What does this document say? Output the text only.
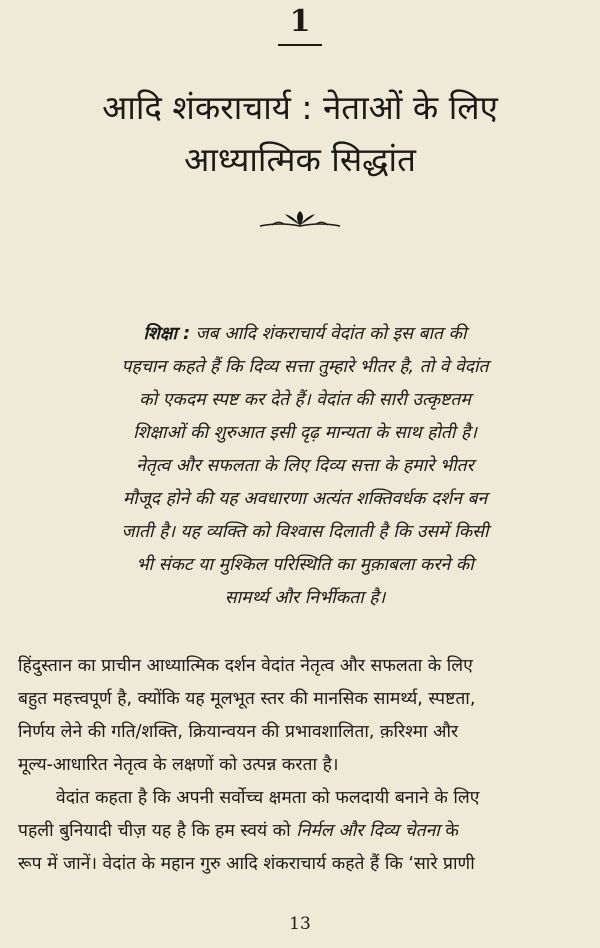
1
आदि शंकराचार्य : नेताओं के लिए
आध्यात्मिक सिद्धांत
शिक्षा : जब आदि शंकराचार्य वेदांत को इस बात की
पहचान कहते हैं कि दिव्य सत्ता तुम्हारे भीतर है, तो वे वेदांत
को एकदम स्पष्ट कर देते हैं। वेदांत की सारी उत्कृष्टतम
शिक्षाओं की शुरुआत इसी दृढ़ मान्यता के साथ होती है।
नेतृत्व और सफलता के लिए दिव्य सत्ता के हमारे भीतर
मौजूद होने की यह अवधारणा अत्यंत शक्तिवर्धक दर्शन बन
जाती है। यह व्यक्ति को विश्वास दिलाती है कि उसमें किसी
भी संकट या मुश्किल परिस्थिति का मुक़ाबला करने की
सामर्थ्य और निर्भीकता है।
हिंदुस्तान का प्राचीन आध्यात्मिक दर्शन वेदांत नेतृत्व और सफलता के लिए
बहुत महत्त्वपूर्ण है, क्योंकि यह मूलभूत स्तर की मानसिक सामर्थ्य, स्पष्टता,
निर्णय लेने की गति/शक्ति, क्रियान्वयन की प्रभावशालिता, क़रिश्मा और
मूल्य-आधारित नेतृत्व के लक्षणों को उत्पन्न करता है।
वेदांत कहता है कि अपनी सर्वोच्च क्षमता को फलदायी बनाने के लिए
पहली बुनियादी चीज़ यह है कि हम स्वयं को निर्मल और दिव्य चेतना के
रूप में जानें। वेदांत के महान गुरु आदि शंकराचार्य कहते हैं कि ‘सारे प्राणी
13
